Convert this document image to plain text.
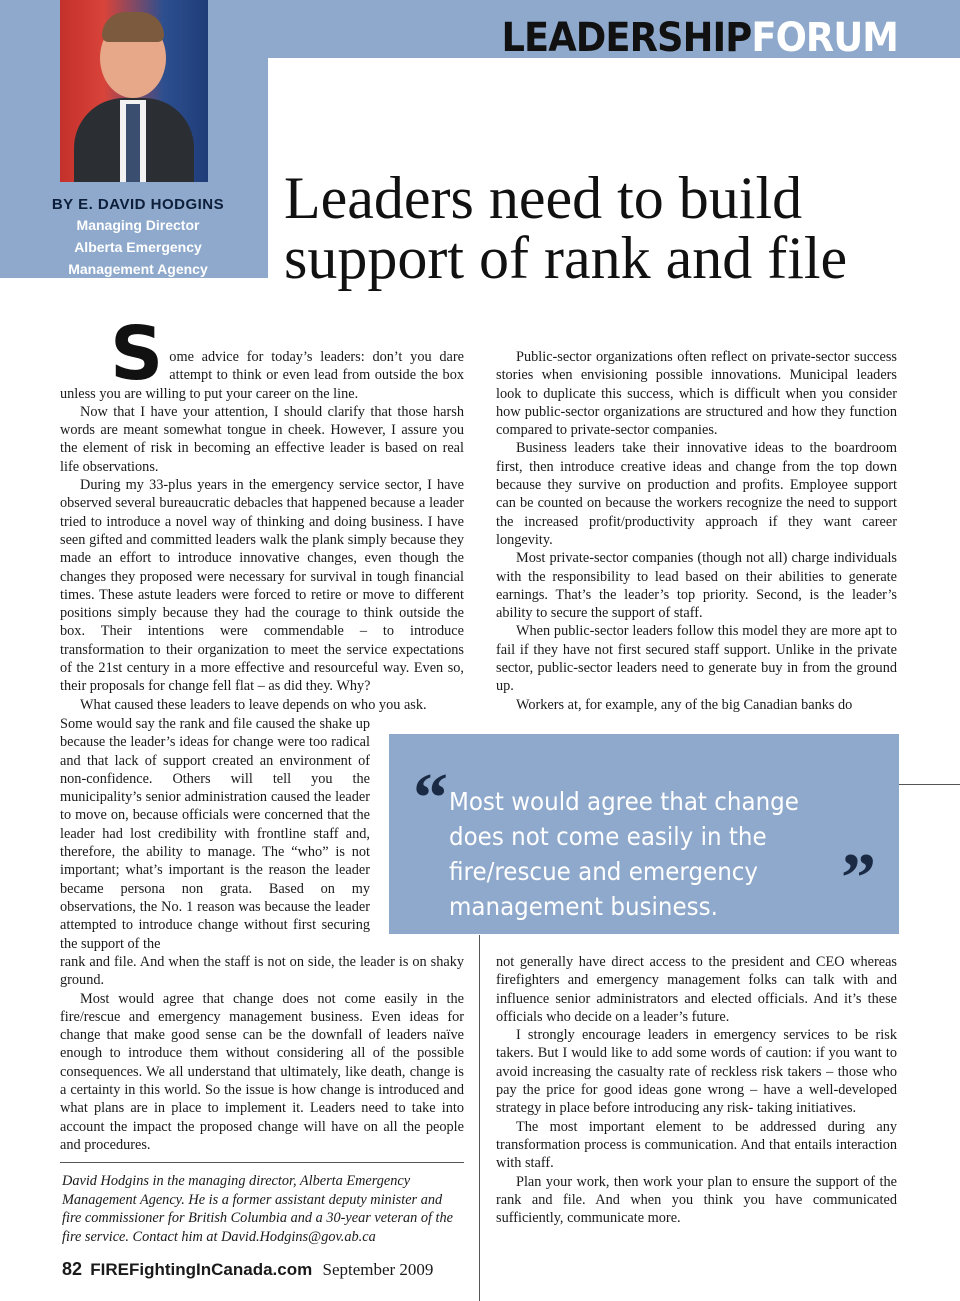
LEADERSHIPFORUM
BY E. DAVID HODGINS
Managing Director
Alberta Emergency
Management Agency
Leaders need to build
support of rank and file

Some advice for today’s leaders: don’t you dare attempt to think or even lead from outside the box unless you are willing to put your career on the line.

Now that I have your attention, I should clarify that those harsh words are meant somewhat tongue in cheek. However, I assure you the element of risk in becoming an effective leader is based on real life observations.

During my 33-plus years in the emergency service sector, I have observed several bureaucratic debacles that happened because a leader tried to introduce a novel way of thinking and doing business. I have seen gifted and committed leaders walk the plank simply because they made an effort to introduce innovative changes, even though the changes they proposed were necessary for survival in tough financial times. These astute leaders were forced to retire or move to different positions simply because they had the courage to think outside the box. Their intentions were commendable – to introduce transformation to their organization to meet the service expectations of the 21st century in a more effective and resourceful way. Even so, their proposals for change fell flat – as did they. Why?

What caused these leaders to leave depends on who you ask.

Some would say the rank and file caused the shake up because the leader’s ideas for change were too radical and that lack of support created an environment of non-confidence. Others will tell you the municipality’s senior administration caused the leader to move on, because officials were concerned that the leader had lost credibility with frontline staff and, therefore, the ability to manage. The “who” is not important; what’s important is the reason the leader became persona non grata. Based on my observations, the No. 1 reason was because the leader attempted to introduce change without first securing the support of the

rank and file. And when the staff is not on side, the leader is on shaky ground.

Most would agree that change does not come easily in the fire/rescue and emergency management business. Even ideas for change that make good sense can be the downfall of leaders naïve enough to introduce them without considering all of the possible consequences. We all understand that ultimately, like death, change is a certainty in this world. So the issue is how change is introduced and what plans are in place to implement it. Leaders need to take into account the impact the proposed change will have on all the people and procedures.

Public-sector organizations often reflect on private-sector success stories when envisioning possible innovations. Municipal leaders look to duplicate this success, which is difficult when you consider how public-sector organizations are structured and how they function compared to private-sector companies.

Business leaders take their innovative ideas to the boardroom first, then introduce creative ideas and change from the top down because they survive on production and profits. Employee support can be counted on because the workers recognize the need to support the increased profit/productivity approach if they want career longevity.

Most private-sector companies (though not all) charge individuals with the responsibility to lead based on their abilities to generate earnings. That’s the leader’s top priority. Second, is the leader’s ability to secure the support of staff.

When public-sector leaders follow this model they are more apt to fail if they have not first secured staff support. Unlike in the private sector, public-sector leaders need to generate buy in from the ground up.

Workers at, for example, any of the big Canadian banks do

“ Most would agree that change does not come easily in the fire/rescue and emergency management business.	”

not generally have direct access to the president and CEO whereas firefighters and emergency management folks can talk with and influence senior administrators and elected officials. And it’s these officials who decide on a leader’s future.

I strongly encourage leaders in emergency services to be risk takers. But I would like to add some words of caution: if you want to avoid increasing the casualty rate of reckless risk takers – those who pay the price for good ideas gone wrong – have a well-developed strategy in place before introducing any risk- taking initiatives.

The most important element to be addressed during any transformation process is communication. And that entails interaction with staff.

Plan your work, then work your plan to ensure the support of the rank and file. And when you think you have communicated sufficiently, communicate more.

David Hodgins in the managing director, Alberta Emergency Management Agency. He is a former assistant deputy minister and fire commissioner for British Columbia and a 30-year veteran of the fire service. Contact him at David.Hodgins@gov.ab.ca
82 FIREFightingInCanada.com September 2009
